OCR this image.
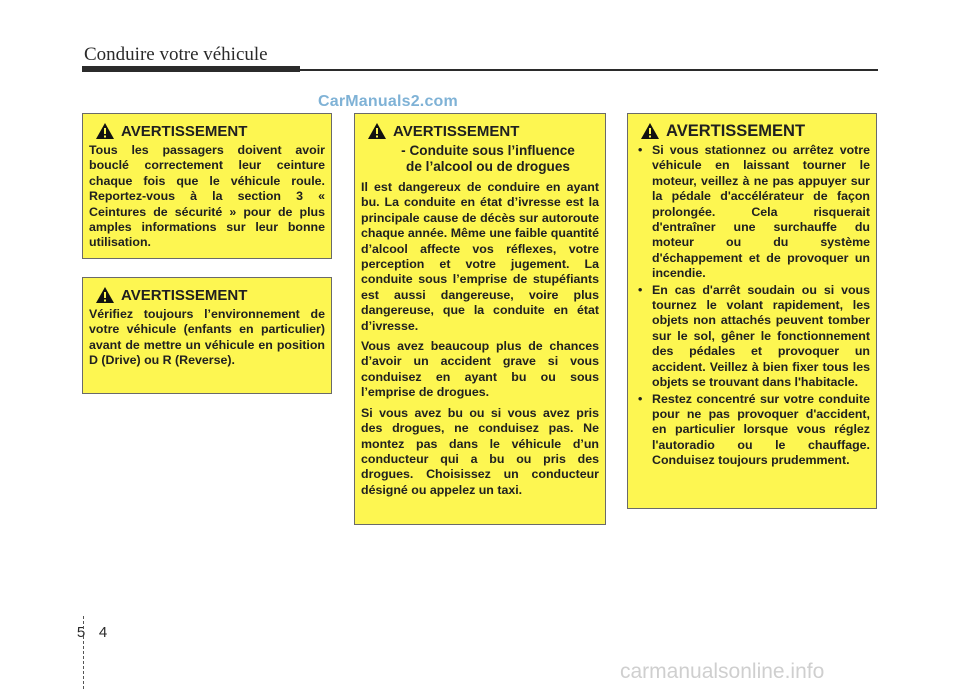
Conduire votre véhicule
CarManuals2.com
AVERTISSEMENT

Tous les passagers doivent avoir bouclé correctement leur ceinture chaque fois que le véhicule roule. Reportez-vous à la section 3 « Ceintures de sécurité » pour de plus amples informations sur leur bonne utilisation.

AVERTISSEMENT

Vérifiez toujours l’environnement de votre véhicule (enfants en particulier) avant de mettre un véhicule en position D (Drive) ou R (Reverse).

AVERTISSEMENT
- Conduite sous l’influence
de l’alcool ou de drogues

Il est dangereux de conduire en ayant bu. La conduite en état d’ivresse est la principale cause de décès sur autoroute chaque année. Même une faible quantité d’alcool affecte vos réflexes, votre perception et votre jugement. La conduite sous l’emprise de stupéfiants est aussi dangereuse, voire plus dangereuse, que la conduite en état d’ivresse.

Vous avez beaucoup plus de chances d’avoir un accident grave si vous conduisez en ayant bu ou sous l’emprise de drogues.

Si vous avez bu ou si vous avez pris des drogues, ne conduisez pas. Ne montez pas dans le véhicule d’un conducteur qui a bu ou pris des drogues. Choisissez un conducteur désigné ou appelez un taxi.

AVERTISSEMENT
• Si vous stationnez ou arrêtez votre véhicule en laissant tourner le moteur, veillez à ne pas appuyer sur la pédale d'accélérateur de façon prolongée. Cela risquerait d'entraîner une surchauffe du moteur ou du système d'échappement et de provoquer un incendie.
• En cas d'arrêt soudain ou si vous tournez le volant rapidement, les objets non attachés peuvent tomber sur le sol, gêner le fonctionnement des pédales et provoquer un accident. Veillez à bien fixer tous les objets se trouvant dans l'habitacle.
• Restez concentré sur votre conduite pour ne pas provoquer d'accident, en particulier lorsque vous réglez l'autoradio ou le chauffage. Conduisez toujours prudemment.
5 4
carmanualsonline.info
